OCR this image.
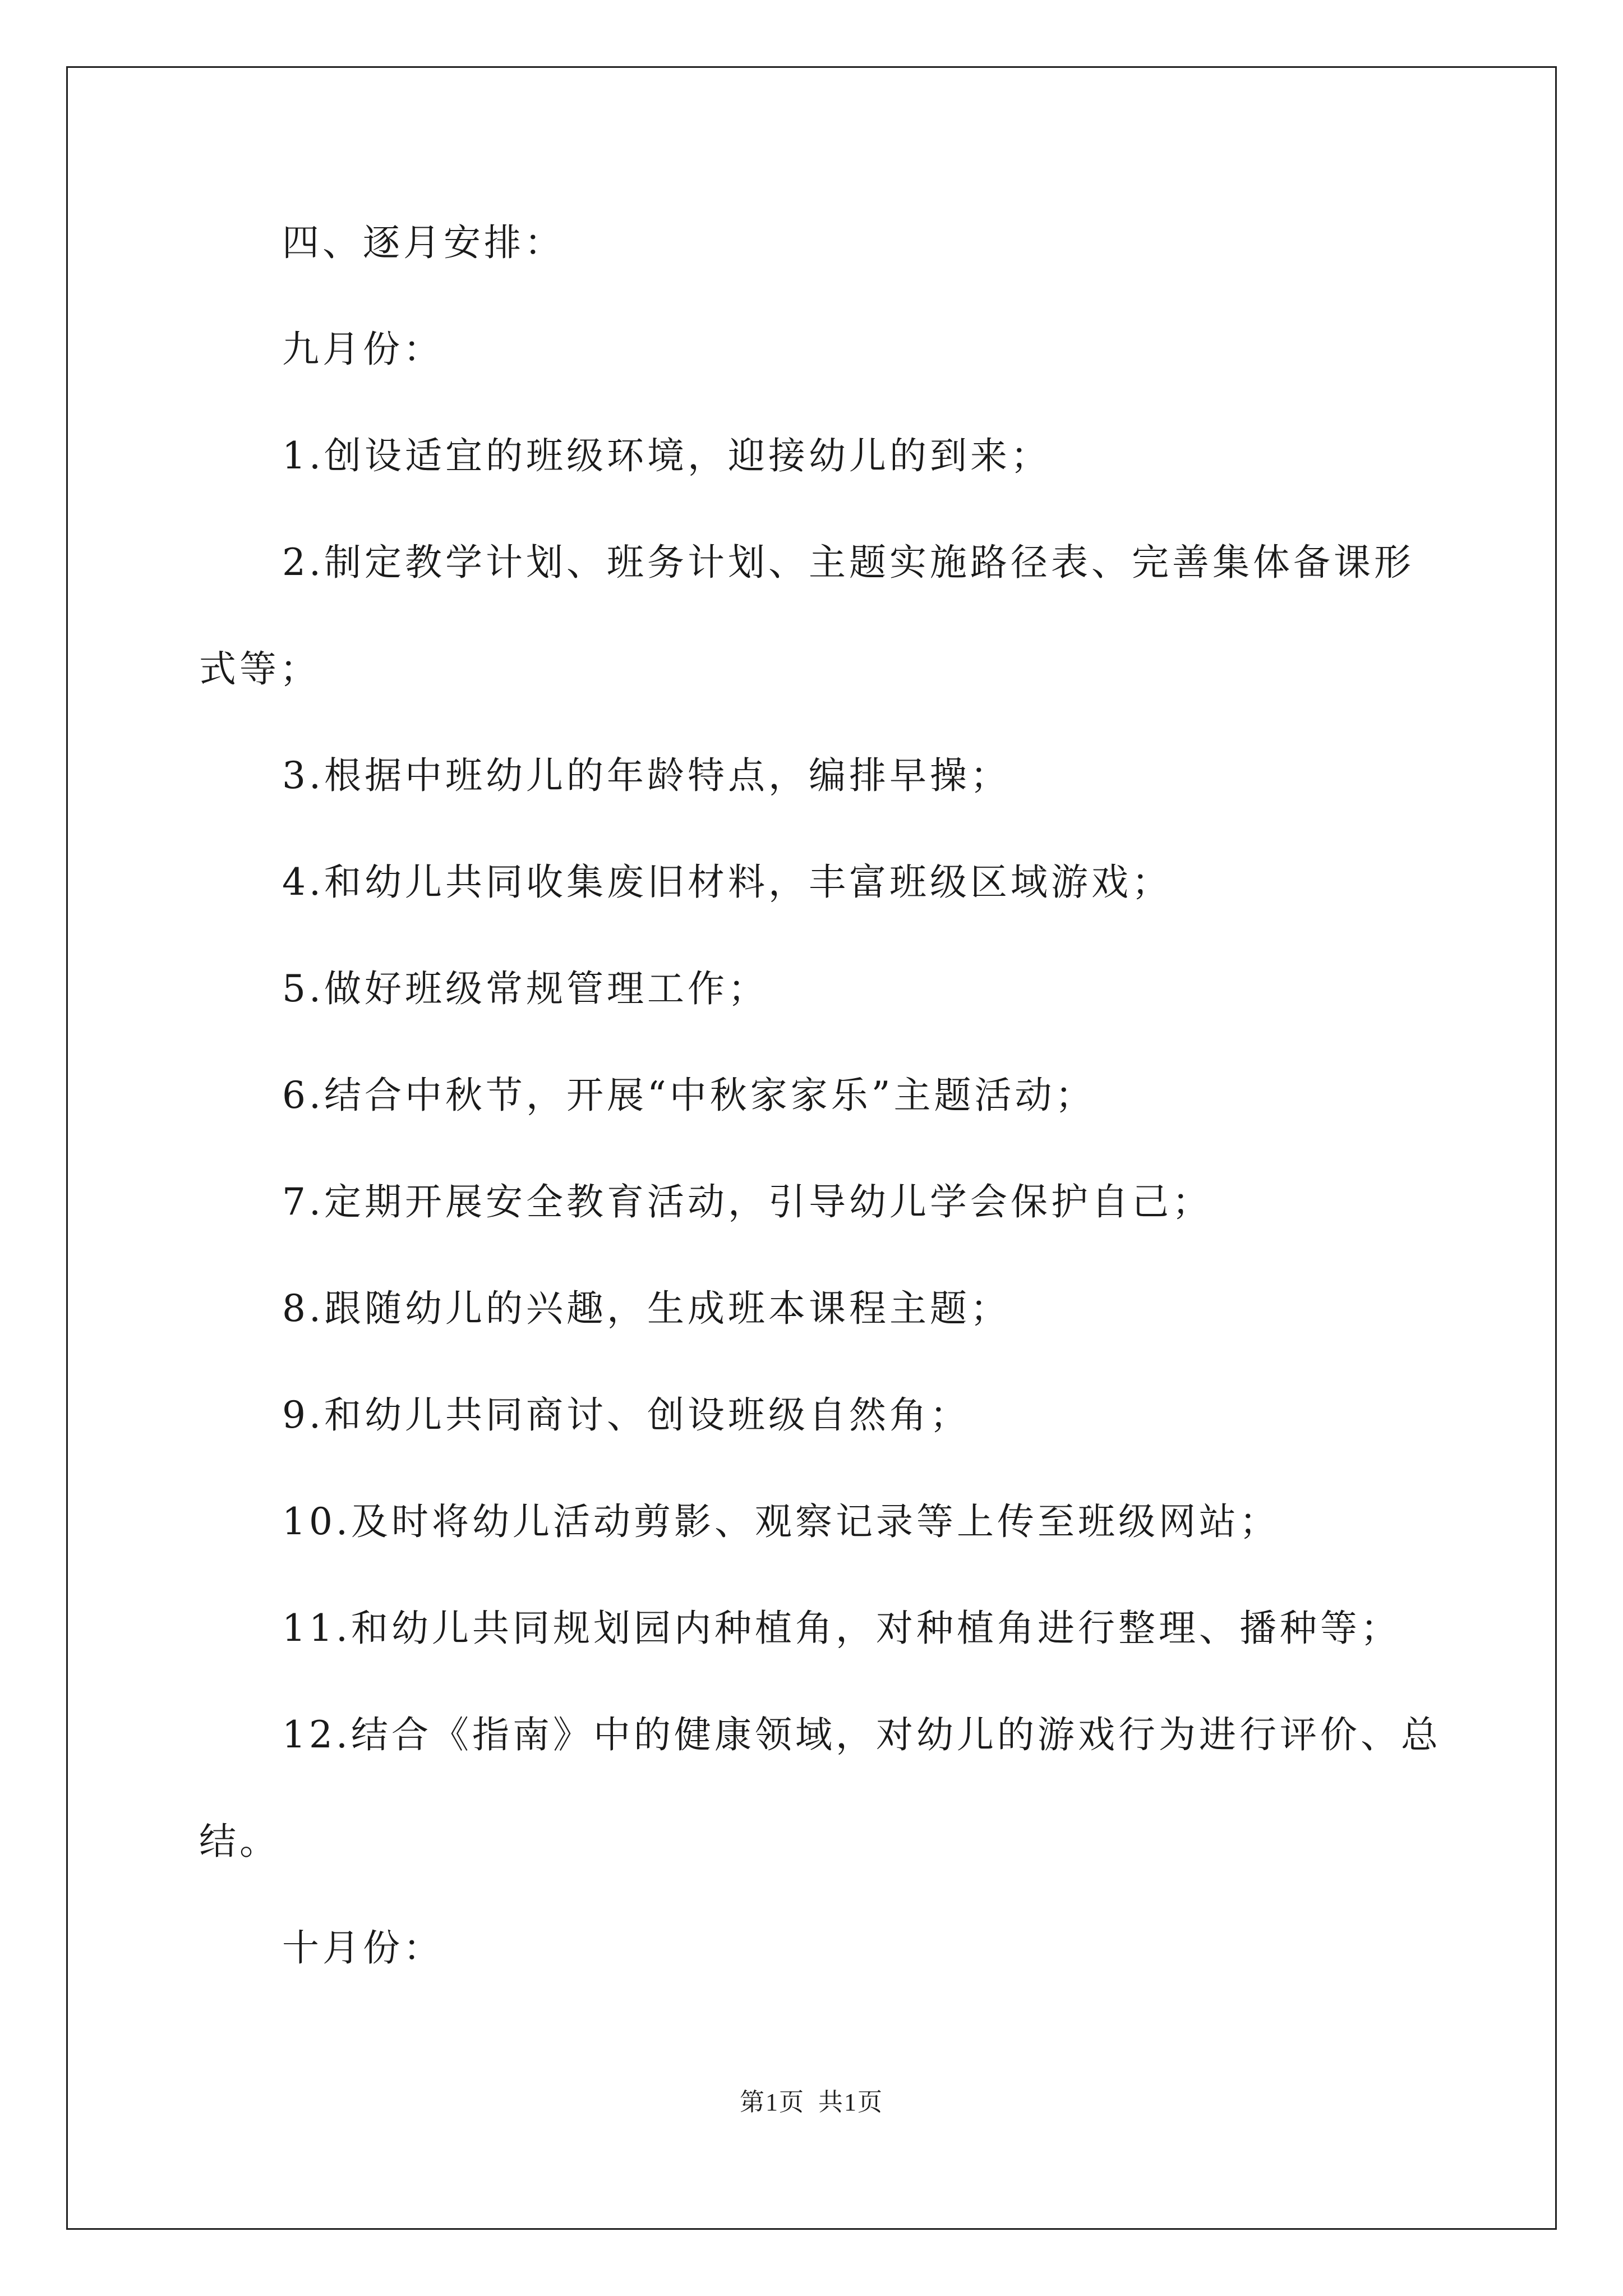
四、逐月安排：
九月份：
1.创设适宜的班级环境，迎接幼儿的到来；
2.制定教学计划、班务计划、主题实施路径表、完善集体备课形
式等；
3.根据中班幼儿的年龄特点，编排早操；
4.和幼儿共同收集废旧材料，丰富班级区域游戏；
5.做好班级常规管理工作；
6.结合中秋节，开展“中秋家家乐”主题活动；
7.定期开展安全教育活动，引导幼儿学会保护自己；
8.跟随幼儿的兴趣，生成班本课程主题；
9.和幼儿共同商讨、创设班级自然角；
10.及时将幼儿活动剪影、观察记录等上传至班级网站；
11.和幼儿共同规划园内种植角，对种植角进行整理、播种等；
12.结合《指南》中的健康领域，对幼儿的游戏行为进行评价、总
结。
十月份：
第1页 共1页
